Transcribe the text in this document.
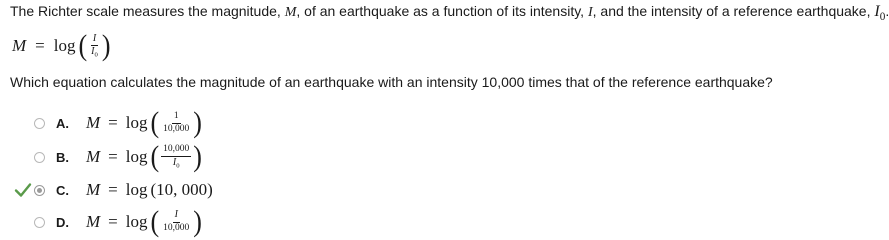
The Richter scale measures the magnitude, M, of an earthquake as a function of its intensity, I, and the intensity of a reference earthquake, $I_0$.
M = log ( $\frac{I}{I_0}$ )
Which equation calculates the magnitude of an earthquake with an intensity 10,000 times that of the reference earthquake?
A. M = log ( $\frac{1}{10,000}$ )
B. M = log ( $\frac{10,000}{I_0}$ )
C. M = log (10, 000)
D. M = log ( $\frac{I}{10,000}$ )
